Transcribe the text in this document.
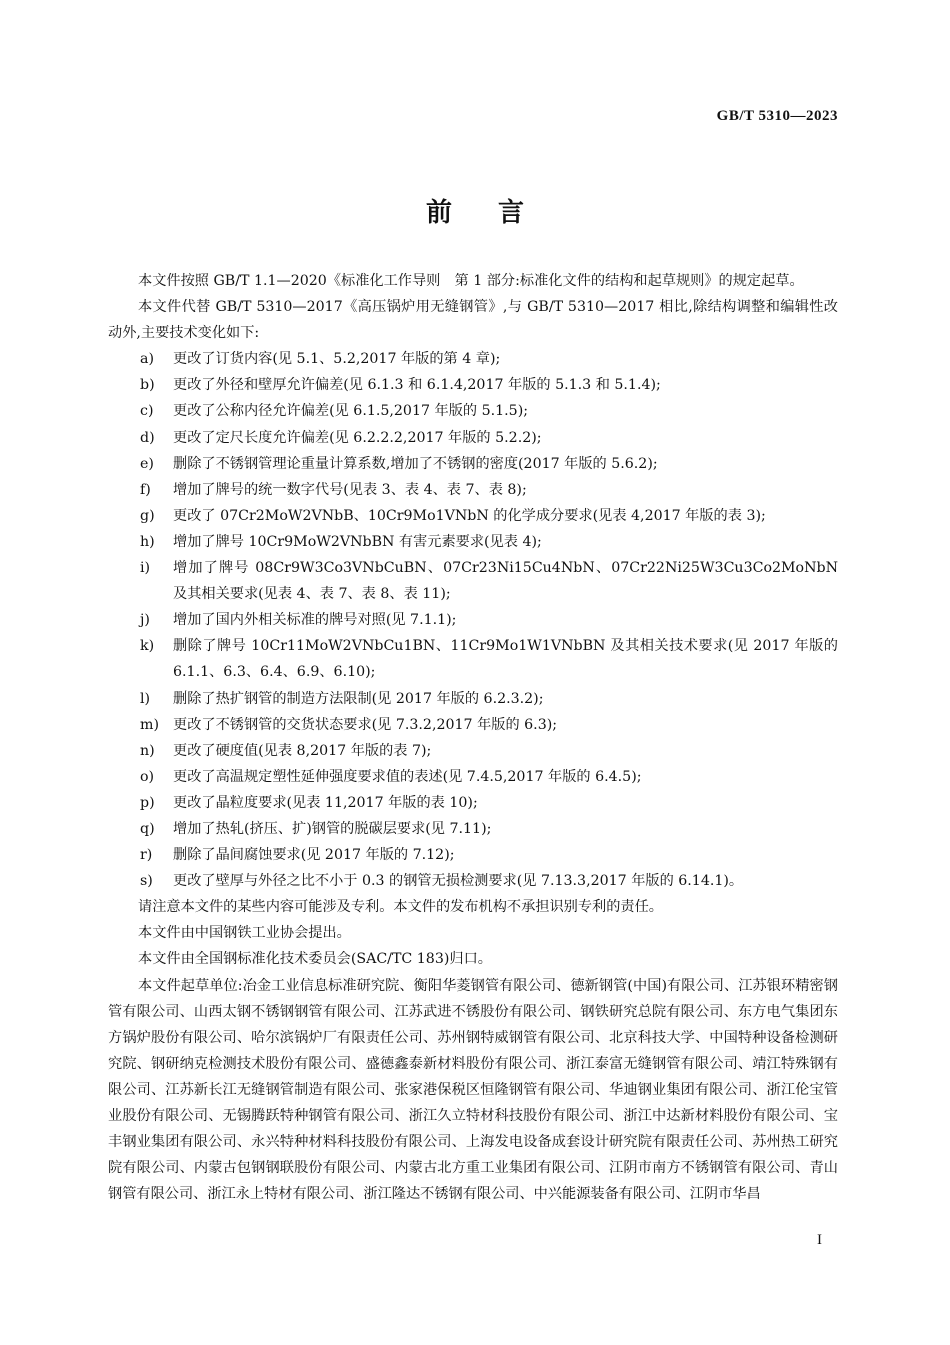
GB/T 5310—2023
前 言

本文件按照 GB/T 1.1—2020《标准化工作导则　第 1 部分:标准化文件的结构和起草规则》的规定起草。

本文件代替 GB/T 5310—2017《高压锅炉用无缝钢管》,与 GB/T 5310—2017 相比,除结构调整和编辑性改动外,主要技术变化如下:

a) 更改了订货内容(见 5.1、5.2,2017 年版的第 4 章);

b) 更改了外径和壁厚允许偏差(见 6.1.3 和 6.1.4,2017 年版的 5.1.3 和 5.1.4);

c) 更改了公称内径允许偏差(见 6.1.5,2017 年版的 5.1.5);

d) 更改了定尺长度允许偏差(见 6.2.2.2,2017 年版的 5.2.2);

e) 删除了不锈钢管理论重量计算系数,增加了不锈钢的密度(2017 年版的 5.6.2);

f) 增加了牌号的统一数字代号(见表 3、表 4、表 7、表 8);

g) 更改了 07Cr2MoW2VNbB、10Cr9Mo1VNbN 的化学成分要求(见表 4,2017 年版的表 3);

h) 增加了牌号 10Cr9MoW2VNbBN 有害元素要求(见表 4);

i) 增加了牌号 08Cr9W3Co3VNbCuBN、07Cr23Ni15Cu4NbN、07Cr22Ni25W3Cu3Co2MoNbN 及其相关要求(见表 4、表 7、表 8、表 11);

j) 增加了国内外相关标准的牌号对照(见 7.1.1);

k) 删除了牌号 10Cr11MoW2VNbCu1BN、11Cr9Mo1W1VNbBN 及其相关技术要求(见 2017 年版的 6.1.1、6.3、6.4、6.9、6.10);

l) 删除了热扩钢管的制造方法限制(见 2017 年版的 6.2.3.2);

m) 更改了不锈钢管的交货状态要求(见 7.3.2,2017 年版的 6.3);

n) 更改了硬度值(见表 8,2017 年版的表 7);

o) 更改了高温规定塑性延伸强度要求值的表述(见 7.4.5,2017 年版的 6.4.5);

p) 更改了晶粒度要求(见表 11,2017 年版的表 10);

q) 增加了热轧(挤压、扩)钢管的脱碳层要求(见 7.11);

r) 删除了晶间腐蚀要求(见 2017 年版的 7.12);

s) 更改了壁厚与外径之比不小于 0.3 的钢管无损检测要求(见 7.13.3,2017 年版的 6.14.1)。

请注意本文件的某些内容可能涉及专利。本文件的发布机构不承担识别专利的责任。

本文件由中国钢铁工业协会提出。

本文件由全国钢标准化技术委员会(SAC/TC 183)归口。

本文件起草单位:冶金工业信息标准研究院、衡阳华菱钢管有限公司、德新钢管(中国)有限公司、江苏银环精密钢管有限公司、山西太钢不锈钢钢管有限公司、江苏武进不锈股份有限公司、钢铁研究总院有限公司、东方电气集团东方锅炉股份有限公司、哈尔滨锅炉厂有限责任公司、苏州钢特威钢管有限公司、北京科技大学、中国特种设备检测研究院、钢研纳克检测技术股份有限公司、盛德鑫泰新材料股份有限公司、浙江泰富无缝钢管有限公司、靖江特殊钢有限公司、江苏新长江无缝钢管制造有限公司、张家港保税区恒隆钢管有限公司、华迪钢业集团有限公司、浙江伦宝管业股份有限公司、无锡腾跃特种钢管有限公司、浙江久立特材科技股份有限公司、浙江中达新材料股份有限公司、宝丰钢业集团有限公司、永兴特种材料科技股份有限公司、上海发电设备成套设计研究院有限责任公司、苏州热工研究院有限公司、内蒙古包钢钢联股份有限公司、内蒙古北方重工业集团有限公司、江阴市南方不锈钢管有限公司、青山钢管有限公司、浙江永上特材有限公司、浙江隆达不锈钢有限公司、中兴能源装备有限公司、江阴市华昌

I
